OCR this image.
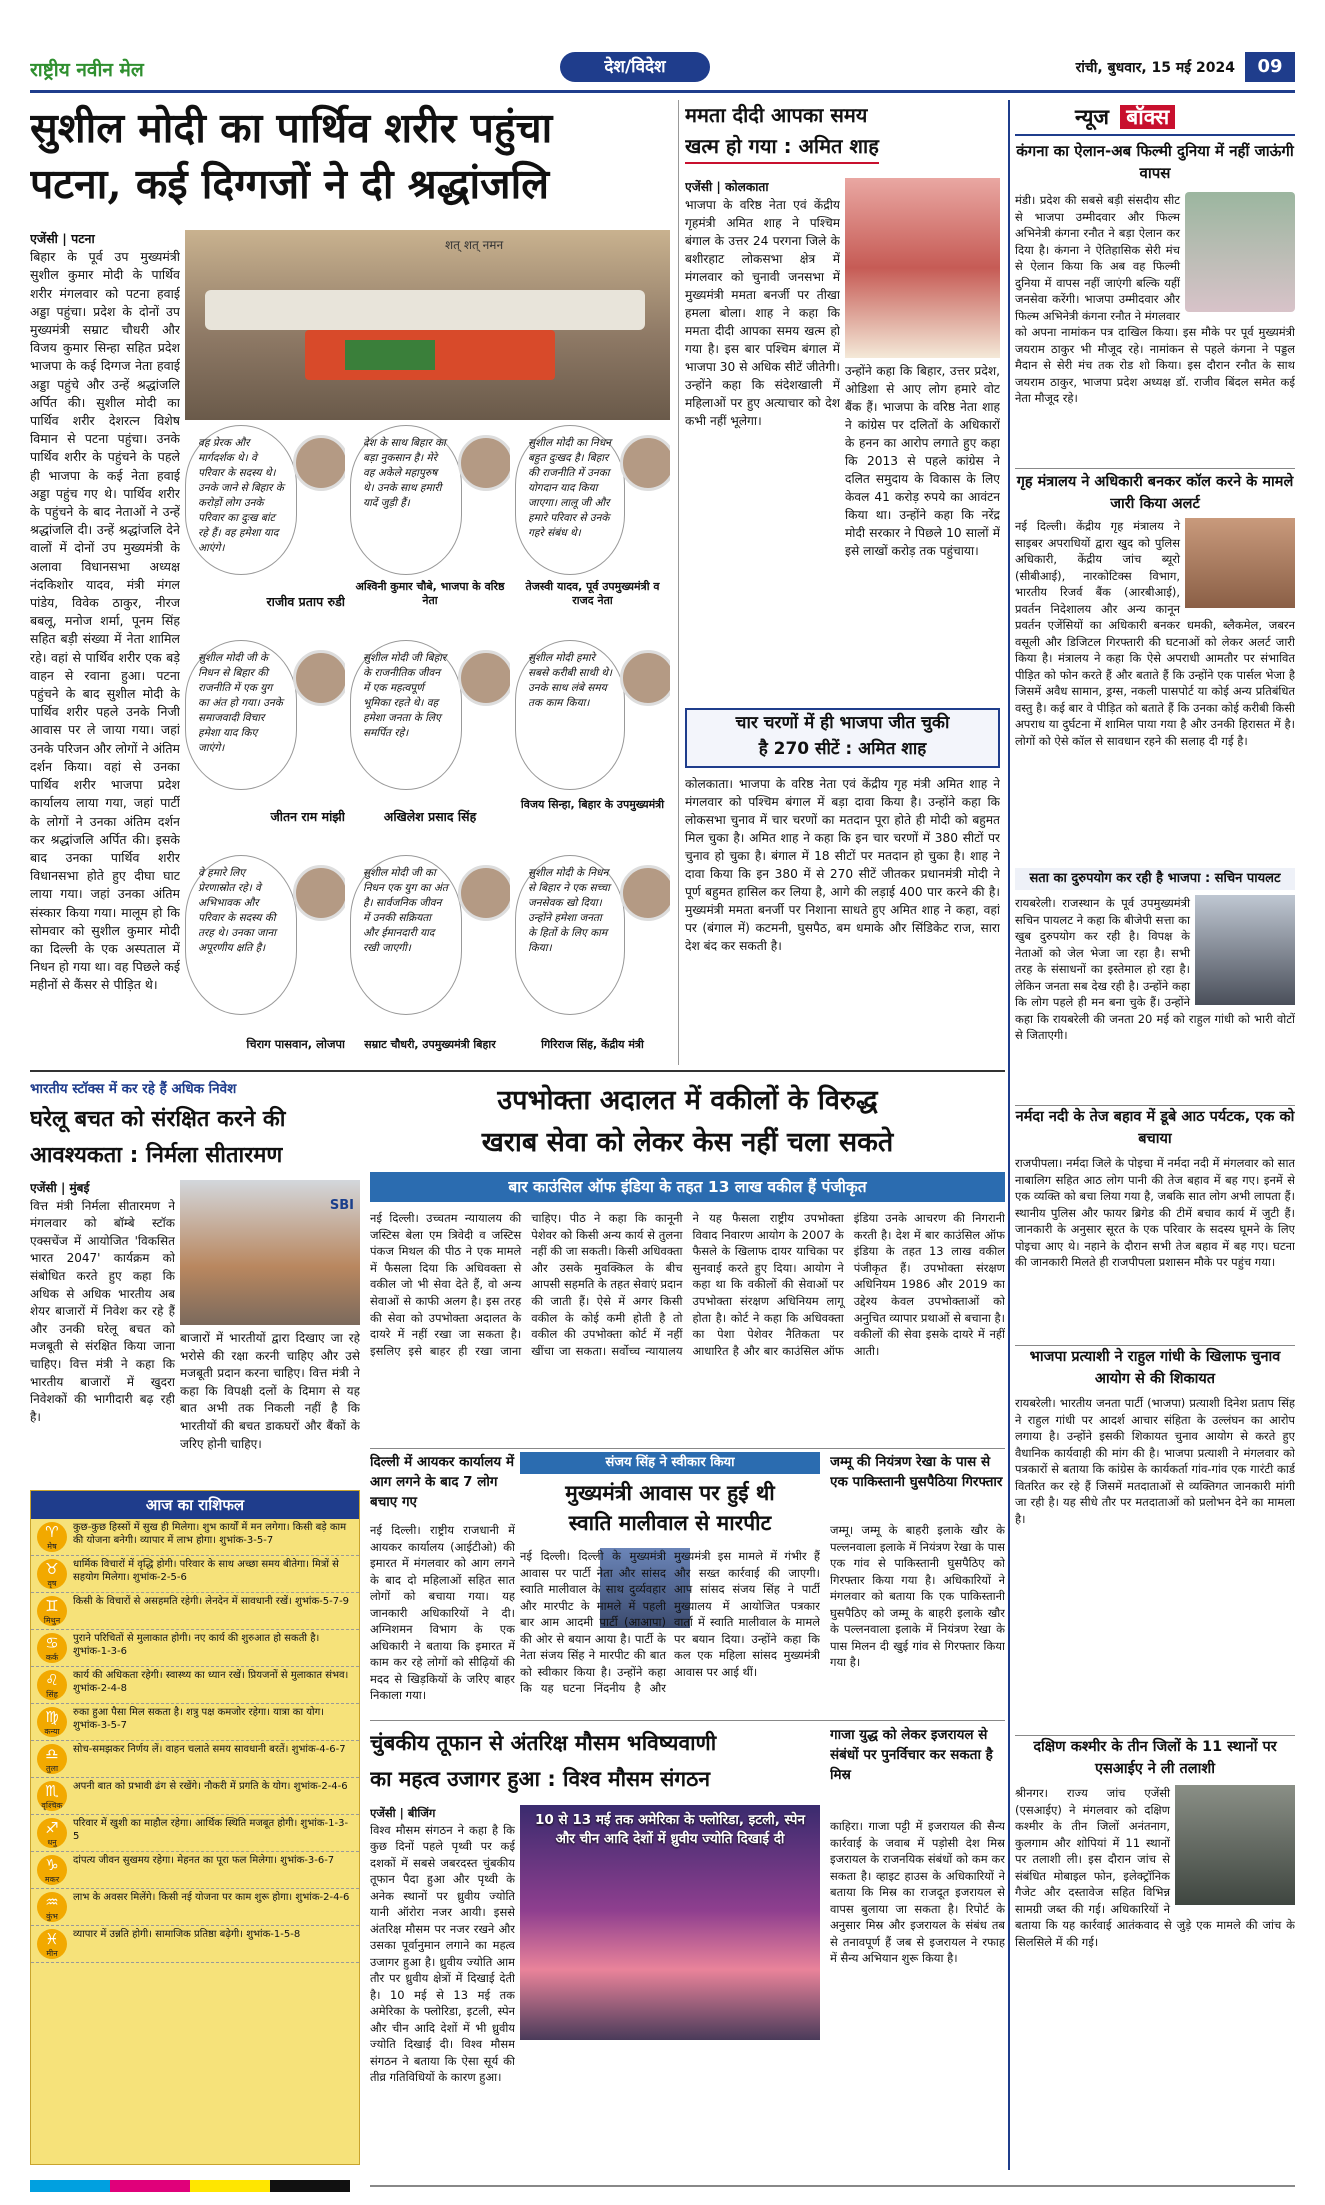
राष्ट्रीय नवीन मेल	देश/विदेश	रांची, बुधवार, 15 मई 2024	09
सुशील मोदी का पार्थिव शरीर पहुंचा
पटना, कई दिग्गजों ने दी श्रद्धांजलि
एजेंसी | पटना
बिहार के पूर्व उप मुख्यमंत्री सुशील कुमार मोदी के पार्थिव शरीर मंगलवार को पटना हवाई अड्डा पहुंचा। प्रदेश के दोनों उप मुख्यमंत्री सम्राट चौधरी और विजय कुमार सिन्हा सहित प्रदेश भाजपा के कई दिग्गज नेता हवाई अड्डा पहुंचे और उन्हें श्रद्धांजलि अर्पित की। सुशील मोदी का पार्थिव शरीर देशरत्न विशेष विमान से पटना पहुंचा। उनके पार्थिव शरीर के पहुंचने के पहले ही भाजपा के कई नेता हवाई अड्डा पहुंच गए थे। पार्थिव शरीर के पहुंचने के बाद नेताओं ने उन्हें श्रद्धांजलि दी। उन्हें श्रद्धांजलि देने वालों में दोनों उप मुख्यमंत्री के अलावा विधानसभा अध्यक्ष नंदकिशोर यादव, मंत्री मंगल पांडेय, विवेक ठाकुर, नीरज बबलू, मनोज शर्मा, पूनम सिंह सहित बड़ी संख्या में नेता शामिल रहे। वहां से पार्थिव शरीर एक बड़े वाहन से रवाना हुआ। पटना पहुंचने के बाद सुशील मोदी के पार्थिव शरीर पहले उनके निजी आवास पर ले जाया गया। जहां उनके परिजन और लोगों ने अंतिम दर्शन किया। वहां से उनका पार्थिव शरीर भाजपा प्रदेश कार्यालय लाया गया, जहां पार्टी के लोगों ने उनका अंतिम दर्शन कर श्रद्धांजलि अर्पित की। इसके बाद उनका पार्थिव शरीर विधानसभा होते हुए दीघा घाट लाया गया। जहां उनका अंतिम संस्कार किया गया। मालूम हो कि सोमवार को सुशील कुमार मोदी का दिल्ली के एक अस्पताल में निधन हो गया था। वह पिछले कई महीनों से कैंसर से पीड़ित थे।
शत् शत् नमन
वह प्रेरक और मार्गदर्शक थे। वे परिवार के सदस्य थे। उनके जाने से बिहार के करोड़ों लोग उनके परिवार का दुःख बांट रहे हैं। वह हमेशा याद आएंगे।
राजीव प्रताप रुडी
देश के साथ बिहार का बड़ा नुकसान है। मेरे वह अकेले महापुरुष थे। उनके साथ हमारी यादें जुड़ी हैं।
अश्विनी कुमार चौबे, भाजपा के वरिष्ठ नेता
सुशील मोदी का निधन बहुत दुःखद है। बिहार की राजनीति में उनका योगदान याद किया जाएगा। लालू जी और हमारे परिवार से उनके गहरे संबंध थे।
तेजस्वी यादव, पूर्व उपमुख्यमंत्री व राजद नेता
सुशील मोदी जी के निधन से बिहार की राजनीति में एक युग का अंत हो गया। उनके समाजवादी विचार हमेशा याद किए जाएंगे।
जीतन राम मांझी
सुशील मोदी जी बिहार के राजनीतिक जीवन में एक महत्वपूर्ण भूमिका रहते थे। वह हमेशा जनता के लिए समर्पित रहे।
अखिलेश प्रसाद सिंह
सुशील मोदी हमारे सबसे करीबी साथी थे। उनके साथ लंबे समय तक काम किया।
विजय सिन्हा, बिहार के उपमुख्यमंत्री
वे हमारे लिए प्रेरणास्रोत रहे। वे अभिभावक और परिवार के सदस्य की तरह थे। उनका जाना अपूरणीय क्षति है।
चिराग पासवान, लोजपा
सुशील मोदी जी का निधन एक युग का अंत है। सार्वजनिक जीवन में उनकी सक्रियता और ईमानदारी याद रखी जाएगी।
सम्राट चौधरी, उपमुख्यमंत्री बिहार
सुशील मोदी के निधन से बिहार ने एक सच्चा जनसेवक खो दिया। उन्होंने हमेशा जनता के हितों के लिए काम किया।
गिरिराज सिंह, केंद्रीय मंत्री
ममता दीदी आपका समय
खत्म हो गया : अमित शाह
एजेंसी | कोलकाता
भाजपा के वरिष्ठ नेता एवं केंद्रीय गृहमंत्री अमित शाह ने पश्चिम बंगाल के उत्तर 24 परगना जिले के बशीरहाट लोकसभा क्षेत्र में मंगलवार को चुनावी जनसभा में मुख्यमंत्री ममता बनर्जी पर तीखा हमला बोला। शाह ने कहा कि ममता दीदी आपका समय खत्म हो गया है। इस बार पश्चिम बंगाल में भाजपा 30 से अधिक सीटें जीतेगी। उन्होंने कहा कि संदेशखाली में महिलाओं पर हुए अत्याचार को देश कभी नहीं भूलेगा।
उन्होंने कहा कि बिहार, उत्तर प्रदेश, ओडिशा से आए लोग हमारे वोट बैंक हैं। भाजपा के वरिष्ठ नेता शाह ने कांग्रेस पर दलितों के अधिकारों के हनन का आरोप लगाते हुए कहा कि 2013 से पहले कांग्रेस ने दलित समुदाय के विकास के लिए केवल 41 करोड़ रुपये का आवंटन किया था। उन्होंने कहा कि नरेंद्र मोदी सरकार ने पिछले 10 सालों में इसे लाखों करोड़ तक पहुंचाया।
चार चरणों में ही भाजपा जीत चुकी
है 270 सीटें : अमित शाह
कोलकाता। भाजपा के वरिष्ठ नेता एवं केंद्रीय गृह मंत्री अमित शाह ने मंगलवार को पश्चिम बंगाल में बड़ा दावा किया है। उन्होंने कहा कि लोकसभा चुनाव में चार चरणों का मतदान पूरा होते ही मोदी को बहुमत मिल चुका है। अमित शाह ने कहा कि इन चार चरणों में 380 सीटों पर चुनाव हो चुका है। बंगाल में 18 सीटों पर मतदान हो चुका है। शाह ने दावा किया कि इन 380 में से 270 सीटें जीतकर प्रधानमंत्री मोदी ने पूर्ण बहुमत हासिल कर लिया है, आगे की लड़ाई 400 पार करने की है। मुख्यमंत्री ममता बनर्जी पर निशाना साधते हुए अमित शाह ने कहा, वहां पर (बंगाल में) कटमनी, घुसपैठ, बम धमाके और सिंडिकेट राज, सारा देश बंद कर सकती है।
न्यूज बॉक्स
कंगना का ऐलान-अब फिल्मी दुनिया में नहीं जाऊंगी वापस
मंडी। प्रदेश की सबसे बड़ी संसदीय सीट से भाजपा उम्मीदवार और फिल्म अभिनेत्री कंगना रनौत ने बड़ा ऐलान कर दिया है। कंगना ने ऐतिहासिक सेरी मंच से ऐलान किया कि अब वह फिल्मी दुनिया में वापस नहीं जाएंगी बल्कि यहीं जनसेवा करेंगी। भाजपा उम्मीदवार और फिल्म अभिनेत्री कंगना रनौत ने मंगलवार को अपना नामांकन पत्र दाखिल किया। इस मौके पर पूर्व मुख्यमंत्री जयराम ठाकुर भी मौजूद रहे। नामांकन से पहले कंगना ने पड्डल मैदान से सेरी मंच तक रोड शो किया। इस दौरान रनौत के साथ जयराम ठाकुर, भाजपा प्रदेश अध्यक्ष डॉ. राजीव बिंदल समेत कई नेता मौजूद रहे।
गृह मंत्रालय ने अधिकारी बनकर कॉल करने के मामले जारी किया अलर्ट
नई दिल्ली। केंद्रीय गृह मंत्रालय ने साइबर अपराधियों द्वारा खुद को पुलिस अधिकारी, केंद्रीय जांच ब्यूरो (सीबीआई), नारकोटिक्स विभाग, भारतीय रिजर्व बैंक (आरबीआई), प्रवर्तन निदेशालय और अन्य कानून प्रवर्तन एजेंसियों का अधिकारी बनकर धमकी, ब्लैकमेल, जबरन वसूली और डिजिटल गिरफ्तारी की घटनाओं को लेकर अलर्ट जारी किया है। मंत्रालय ने कहा कि ऐसे अपराधी आमतौर पर संभावित पीड़ित को फोन करते हैं और बताते हैं कि उन्होंने एक पार्सल भेजा है जिसमें अवैध सामान, ड्रग्स, नकली पासपोर्ट या कोई अन्य प्रतिबंधित वस्तु है। कई बार वे पीड़ित को बताते हैं कि उनका कोई करीबी किसी अपराध या दुर्घटना में शामिल पाया गया है और उनकी हिरासत में है। लोगों को ऐसे कॉल से सावधान रहने की सलाह दी गई है।
सता का दुरुपयोग कर रही है भाजपा : सचिन पायलट
रायबरेली। राजस्थान के पूर्व उपमुख्यमंत्री सचिन पायलट ने कहा कि बीजेपी सत्ता का खुब दुरुपयोग कर रही है। विपक्ष के नेताओं को जेल भेजा जा रहा है। सभी तरह के संसाधनों का इस्तेमाल हो रहा है। लेकिन जनता सब देख रही है। उन्होंने कहा कि लोग पहले ही मन बना चुके हैं। उन्होंने कहा कि रायबरेली की जनता 20 मई को राहुल गांधी को भारी वोटों से जिताएगी।
नर्मदा नदी के तेज बहाव में डूबे आठ पर्यटक, एक को बचाया
राजपीपला। नर्मदा जिले के पोइचा में नर्मदा नदी में मंगलवार को सात नाबालिग सहित आठ लोग पानी की तेज बहाव में बह गए। इनमें से एक व्यक्ति को बचा लिया गया है, जबकि सात लोग अभी लापता हैं। स्थानीय पुलिस और फायर ब्रिगेड की टीमें बचाव कार्य में जुटी हैं। जानकारी के अनुसार सूरत के एक परिवार के सदस्य घूमने के लिए पोइचा आए थे। नहाने के दौरान सभी तेज बहाव में बह गए। घटना की जानकारी मिलते ही राजपीपला प्रशासन मौके पर पहुंच गया।
भाजपा प्रत्याशी ने राहुल गांधी के खिलाफ चुनाव आयोग से की शिकायत
रायबरेली। भारतीय जनता पार्टी (भाजपा) प्रत्याशी दिनेश प्रताप सिंह ने राहुल गांधी पर आदर्श आचार संहिता के उल्लंघन का आरोप लगाया है। उन्होंने इसकी शिकायत चुनाव आयोग से करते हुए वैधानिक कार्यवाही की मांग की है। भाजपा प्रत्याशी ने मंगलवार को पत्रकारों से बताया कि कांग्रेस के कार्यकर्ता गांव-गांव एक गारंटी कार्ड वितरित कर रहे हैं जिसमें मतदाताओं से व्यक्तिगत जानकारी मांगी जा रही है। यह सीधे तौर पर मतदाताओं को प्रलोभन देने का मामला है।
दक्षिण कश्मीर के तीन जिलों के 11 स्थानों पर एसआईए ने ली तलाशी
श्रीनगर। राज्य जांच एजेंसी (एसआईए) ने मंगलवार को दक्षिण कश्मीर के तीन जिलों अनंतनाग, कुलगाम और शोपियां में 11 स्थानों पर तलाशी ली। इस दौरान जांच से संबंधित मोबाइल फोन, इलेक्ट्रॉनिक गैजेट और दस्तावेज सहित विभिन्न सामग्री जब्त की गई। अधिकारियों ने बताया कि यह कार्रवाई आतंकवाद से जुड़े एक मामले की जांच के सिलसिले में की गई।
भारतीय स्टॉक्स में कर रहे हैं अधिक निवेश
घरेलू बचत को संरक्षित करने की
आवश्यकता : निर्मला सीतारमण
एजेंसी | मुंबई
वित्त मंत्री निर्मला सीतारमण ने मंगलवार को बॉम्बे स्टॉक एक्सचेंज में आयोजित 'विकसित भारत 2047' कार्यक्रम को संबोधित करते हुए कहा कि अधिक से अधिक भारतीय अब शेयर बाजारों में निवेश कर रहे हैं और उनकी घरेलू बचत को मजबूती से संरक्षित किया जाना चाहिए। वित्त मंत्री ने कहा कि भारतीय बाजारों में खुदरा निवेशकों की भागीदारी बढ़ रही है।
SBI
बाजारों में भारतीयों द्वारा दिखाए जा रहे भरोसे की रक्षा करनी चाहिए और उसे मजबूती प्रदान करना चाहिए। वित्त मंत्री ने कहा कि विपक्षी दलों के दिमाग से यह बात अभी तक निकली नहीं है कि भारतीयों की बचत डाकघरों और बैंकों के जरिए होनी चाहिए।
आज का राशिफल
♈
मेष
कुछ-कुछ हिस्सों में सुख ही मिलेगा। शुभ कार्यों में मन लगेगा। किसी बड़े काम की योजना बनेगी। व्यापार में लाभ होगा। शुभांक-3-5-7
♉
वृष
धार्मिक विचारों में वृद्धि होगी। परिवार के साथ अच्छा समय बीतेगा। मित्रों से सहयोग मिलेगा। शुभांक-2-5-6
♊
मिथुन
किसी के विचारों से असहमति रहेगी। लेनदेन में सावधानी रखें। शुभांक-5-7-9
♋
कर्क
पुराने परिचितों से मुलाकात होगी। नए कार्य की शुरुआत हो सकती है। शुभांक-1-3-6
♌
सिंह
कार्य की अधिकता रहेगी। स्वास्थ्य का ध्यान रखें। प्रियजनों से मुलाकात संभव। शुभांक-2-4-8
♍
कन्या
रुका हुआ पैसा मिल सकता है। शत्रु पक्ष कमजोर रहेगा। यात्रा का योग। शुभांक-3-5-7
♎
तुला
सोच-समझकर निर्णय लें। वाहन चलाते समय सावधानी बरतें। शुभांक-4-6-7
♏
वृश्चिक
अपनी बात को प्रभावी ढंग से रखेंगे। नौकरी में प्रगति के योग। शुभांक-2-4-6
♐
धनु
परिवार में खुशी का माहौल रहेगा। आर्थिक स्थिति मजबूत होगी। शुभांक-1-3-5
♑
मकर
दांपत्य जीवन सुखमय रहेगा। मेहनत का पूरा फल मिलेगा। शुभांक-3-6-7
♒
कुंभ
लाभ के अवसर मिलेंगे। किसी नई योजना पर काम शुरू होगा। शुभांक-2-4-6
♓
मीन
व्यापार में उन्नति होगी। सामाजिक प्रतिष्ठा बढ़ेगी। शुभांक-1-5-8
उपभोक्ता अदालत में वकीलों के विरुद्ध
खराब सेवा को लेकर केस नहीं चला सकते
बार काउंसिल ऑफ इंडिया के तहत 13 लाख वकील हैं पंजीकृत
नई दिल्ली। उच्चतम न्यायालय की जस्टिस बेला एम त्रिवेदी व जस्टिस पंकज मिथल की पीठ ने एक मामले में फैसला दिया कि अधिवक्ता से वकील जो भी सेवा देते हैं, वो अन्य सेवाओं से काफी अलग है। इस तरह की सेवा को उपभोक्ता अदालत के दायरे में नहीं रखा जा सकता है। इसलिए इसे बाहर ही रखा जाना चाहिए। पीठ ने कहा कि कानूनी पेशेवर को किसी अन्य कार्य से तुलना नहीं की जा सकती। किसी अधिवक्ता और उसके मुवक्किल के बीच आपसी सहमति के तहत सेवाएं प्रदान की जाती हैं। ऐसे में अगर किसी वकील के कोई कमी होती है तो वकील की उपभोक्ता कोर्ट में नहीं खींचा जा सकता। सर्वोच्च न्यायालय ने यह फैसला राष्ट्रीय उपभोक्ता विवाद निवारण आयोग के 2007 के फैसले के खिलाफ दायर याचिका पर सुनवाई करते हुए दिया। आयोग ने कहा था कि वकीलों की सेवाओं पर उपभोक्ता संरक्षण अधिनियम लागू होता है। कोर्ट ने कहा कि अधिवक्ता का पेशा पेशेवर नैतिकता पर आधारित है और बार काउंसिल ऑफ इंडिया उनके आचरण की निगरानी करती है। देश में बार काउंसिल ऑफ इंडिया के तहत 13 लाख वकील पंजीकृत हैं। उपभोक्ता संरक्षण अधिनियम 1986 और 2019 का उद्देश्य केवल उपभोक्ताओं को अनुचित व्यापार प्रथाओं से बचाना है। वकीलों की सेवा इसके दायरे में नहीं आती।
दिल्ली में आयकर कार्यालय में आग लगने के बाद 7 लोग बचाए गए
नई दिल्ली। राष्ट्रीय राजधानी में आयकर कार्यालय (आईटीओ) की इमारत में मंगलवार को आग लगने के बाद दो महिलाओं सहित सात लोगों को बचाया गया। यह जानकारी अधिकारियों ने दी। अग्निशमन विभाग के एक अधिकारी ने बताया कि इमारत में काम कर रहे लोगों को सीढ़ियों की मदद से खिड़कियों के जरिए बाहर निकाला गया।
संजय सिंह ने स्वीकार किया
मुख्यमंत्री आवास पर हुई थी
स्वाति मालीवाल से मारपीट
नई दिल्ली। दिल्ली के मुख्यमंत्री आवास पर पार्टी नेता और सांसद स्वाति मालीवाल के साथ दुर्व्यवहार और मारपीट के मामले में पहली बार आम आदमी पार्टी (आआपा) की ओर से बयान आया है। पार्टी के नेता संजय सिंह ने मारपीट की बात को स्वीकार किया है। उन्होंने कहा कि यह घटना निंदनीय है और मुख्यमंत्री इस मामले में गंभीर हैं और सख्त कार्रवाई की जाएगी। आप सांसद संजय सिंह ने पार्टी मुख्यालय में आयोजित पत्रकार वार्ता में स्वाति मालीवाल के मामले पर बयान दिया। उन्होंने कहा कि कल एक महिला सांसद मुख्यमंत्री आवास पर आई थीं।
जम्मू की नियंत्रण रेखा के पास से एक पाकिस्तानी घुसपैठिया गिरफ्तार
जम्मू। जम्मू के बाहरी इलाके खौर के पल्लनवाला इलाके में नियंत्रण रेखा के पास एक गांव से पाकिस्तानी घुसपैठिए को गिरफ्तार किया गया है। अधिकारियों ने मंगलवार को बताया कि एक पाकिस्तानी घुसपैठिए को जम्मू के बाहरी इलाके खौर के पल्लनवाला इलाके में नियंत्रण रेखा के पास मिलन दी खुई गांव से गिरफ्तार किया गया है।
चुंबकीय तूफान से अंतरिक्ष मौसम भविष्यवाणी
का महत्व उजागर हुआ : विश्व मौसम संगठन
एजेंसी | बीजिंग
विश्व मौसम संगठन ने कहा है कि कुछ दिनों पहले पृथ्वी पर कई दशकों में सबसे जबरदस्त चुंबकीय तूफान पैदा हुआ और पृथ्वी के अनेक स्थानों पर ध्रुवीय ज्योति यानी ऑरोरा नजर आयी। इससे अंतरिक्ष मौसम पर नजर रखने और उसका पूर्वानुमान लगाने का महत्व उजागर हुआ है। ध्रुवीय ज्योति आम तौर पर ध्रुवीय क्षेत्रों में दिखाई देती है। 10 मई से 13 मई तक अमेरिका के फ्लोरिडा, इटली, स्पेन और चीन आदि देशों में भी ध्रुवीय ज्योति दिखाई दी। विश्व मौसम संगठन ने बताया कि ऐसा सूर्य की तीव्र गतिविधियों के कारण हुआ।
10 से 13 मई तक अमेरिका के फ्लोरिडा, इटली, स्पेन और चीन आदि देशों में ध्रुवीय ज्योति दिखाई दी
गाजा युद्ध को लेकर इजरायल से संबंधों पर पुनर्विचार कर सकता है मिस्र
काहिरा। गाजा पट्टी में इजरायल की सैन्य कार्रवाई के जवाब में पड़ोसी देश मिस्र इजरायल के राजनयिक संबंधों को कम कर सकता है। व्हाइट हाउस के अधिकारियों ने बताया कि मिस्र का राजदूत इजरायल से वापस बुलाया जा सकता है। रिपोर्ट के अनुसार मिस्र और इजरायल के संबंध तब से तनावपूर्ण हैं जब से इजरायल ने रफाह में सैन्य अभियान शुरू किया है।
